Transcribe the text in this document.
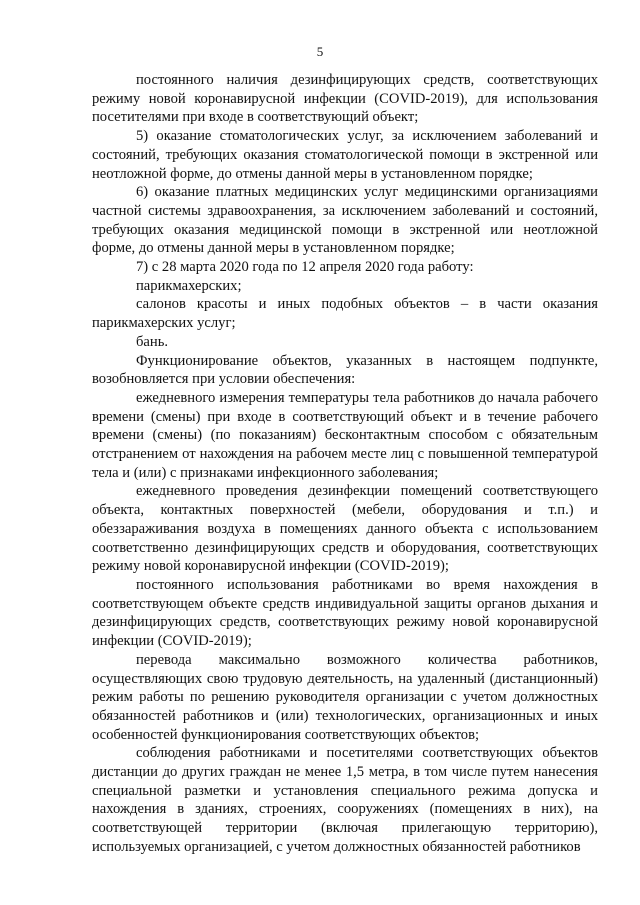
5

постоянного наличия дезинфицирующих средств, соответствующих режиму новой коронавирусной инфекции (COVID-2019), для использования посетителями при входе в соответствующий объект;

5) оказание стоматологических услуг, за исключением заболеваний и состояний, требующих оказания стоматологической помощи в экстренной или неотложной форме, до отмены данной меры в установленном порядке;

6) оказание платных медицинских услуг медицинскими организациями частной системы здравоохранения, за исключением заболеваний и состояний, требующих оказания медицинской помощи в экстренной или неотложной форме, до отмены данной меры в установленном порядке;

7) с 28 марта 2020 года по 12 апреля 2020 года работу:

парикмахерских;

салонов красоты и иных подобных объектов – в части оказания парикмахерских услуг;

бань.

Функционирование объектов, указанных в настоящем подпункте, возобновляется при условии обеспечения:

ежедневного измерения температуры тела работников до начала рабочего времени (смены) при входе в соответствующий объект и в течение рабочего времени (смены) (по показаниям) бесконтактным способом с обязательным отстранением от нахождения на рабочем месте лиц с повышенной температурой тела и (или) с признаками инфекционного заболевания;

ежедневного проведения дезинфекции помещений соответствующего объекта, контактных поверхностей (мебели, оборудования и т.п.) и обеззараживания воздуха в помещениях данного объекта с использованием соответственно дезинфицирующих средств и оборудования, соответствующих режиму новой коронавирусной инфекции (COVID-2019);

постоянного использования работниками во время нахождения в соответствующем объекте средств индивидуальной защиты органов дыхания и дезинфицирующих средств, соответствующих режиму новой коронавирусной инфекции (COVID-2019);

перевода максимально возможного количества работников, осуществляющих свою трудовую деятельность, на удаленный (дистанционный) режим работы по решению руководителя организации с учетом должностных обязанностей работников и (или) технологических, организационных и иных особенностей функционирования соответствующих объектов;

соблюдения работниками и посетителями соответствующих объектов дистанции до других граждан не менее 1,5 метра, в том числе путем нанесения специальной разметки и установления специального режима допуска и нахождения в зданиях, строениях, сооружениях (помещениях в них), на соответствующей территории (включая прилегающую территорию), используемых организацией, с учетом должностных обязанностей работников
